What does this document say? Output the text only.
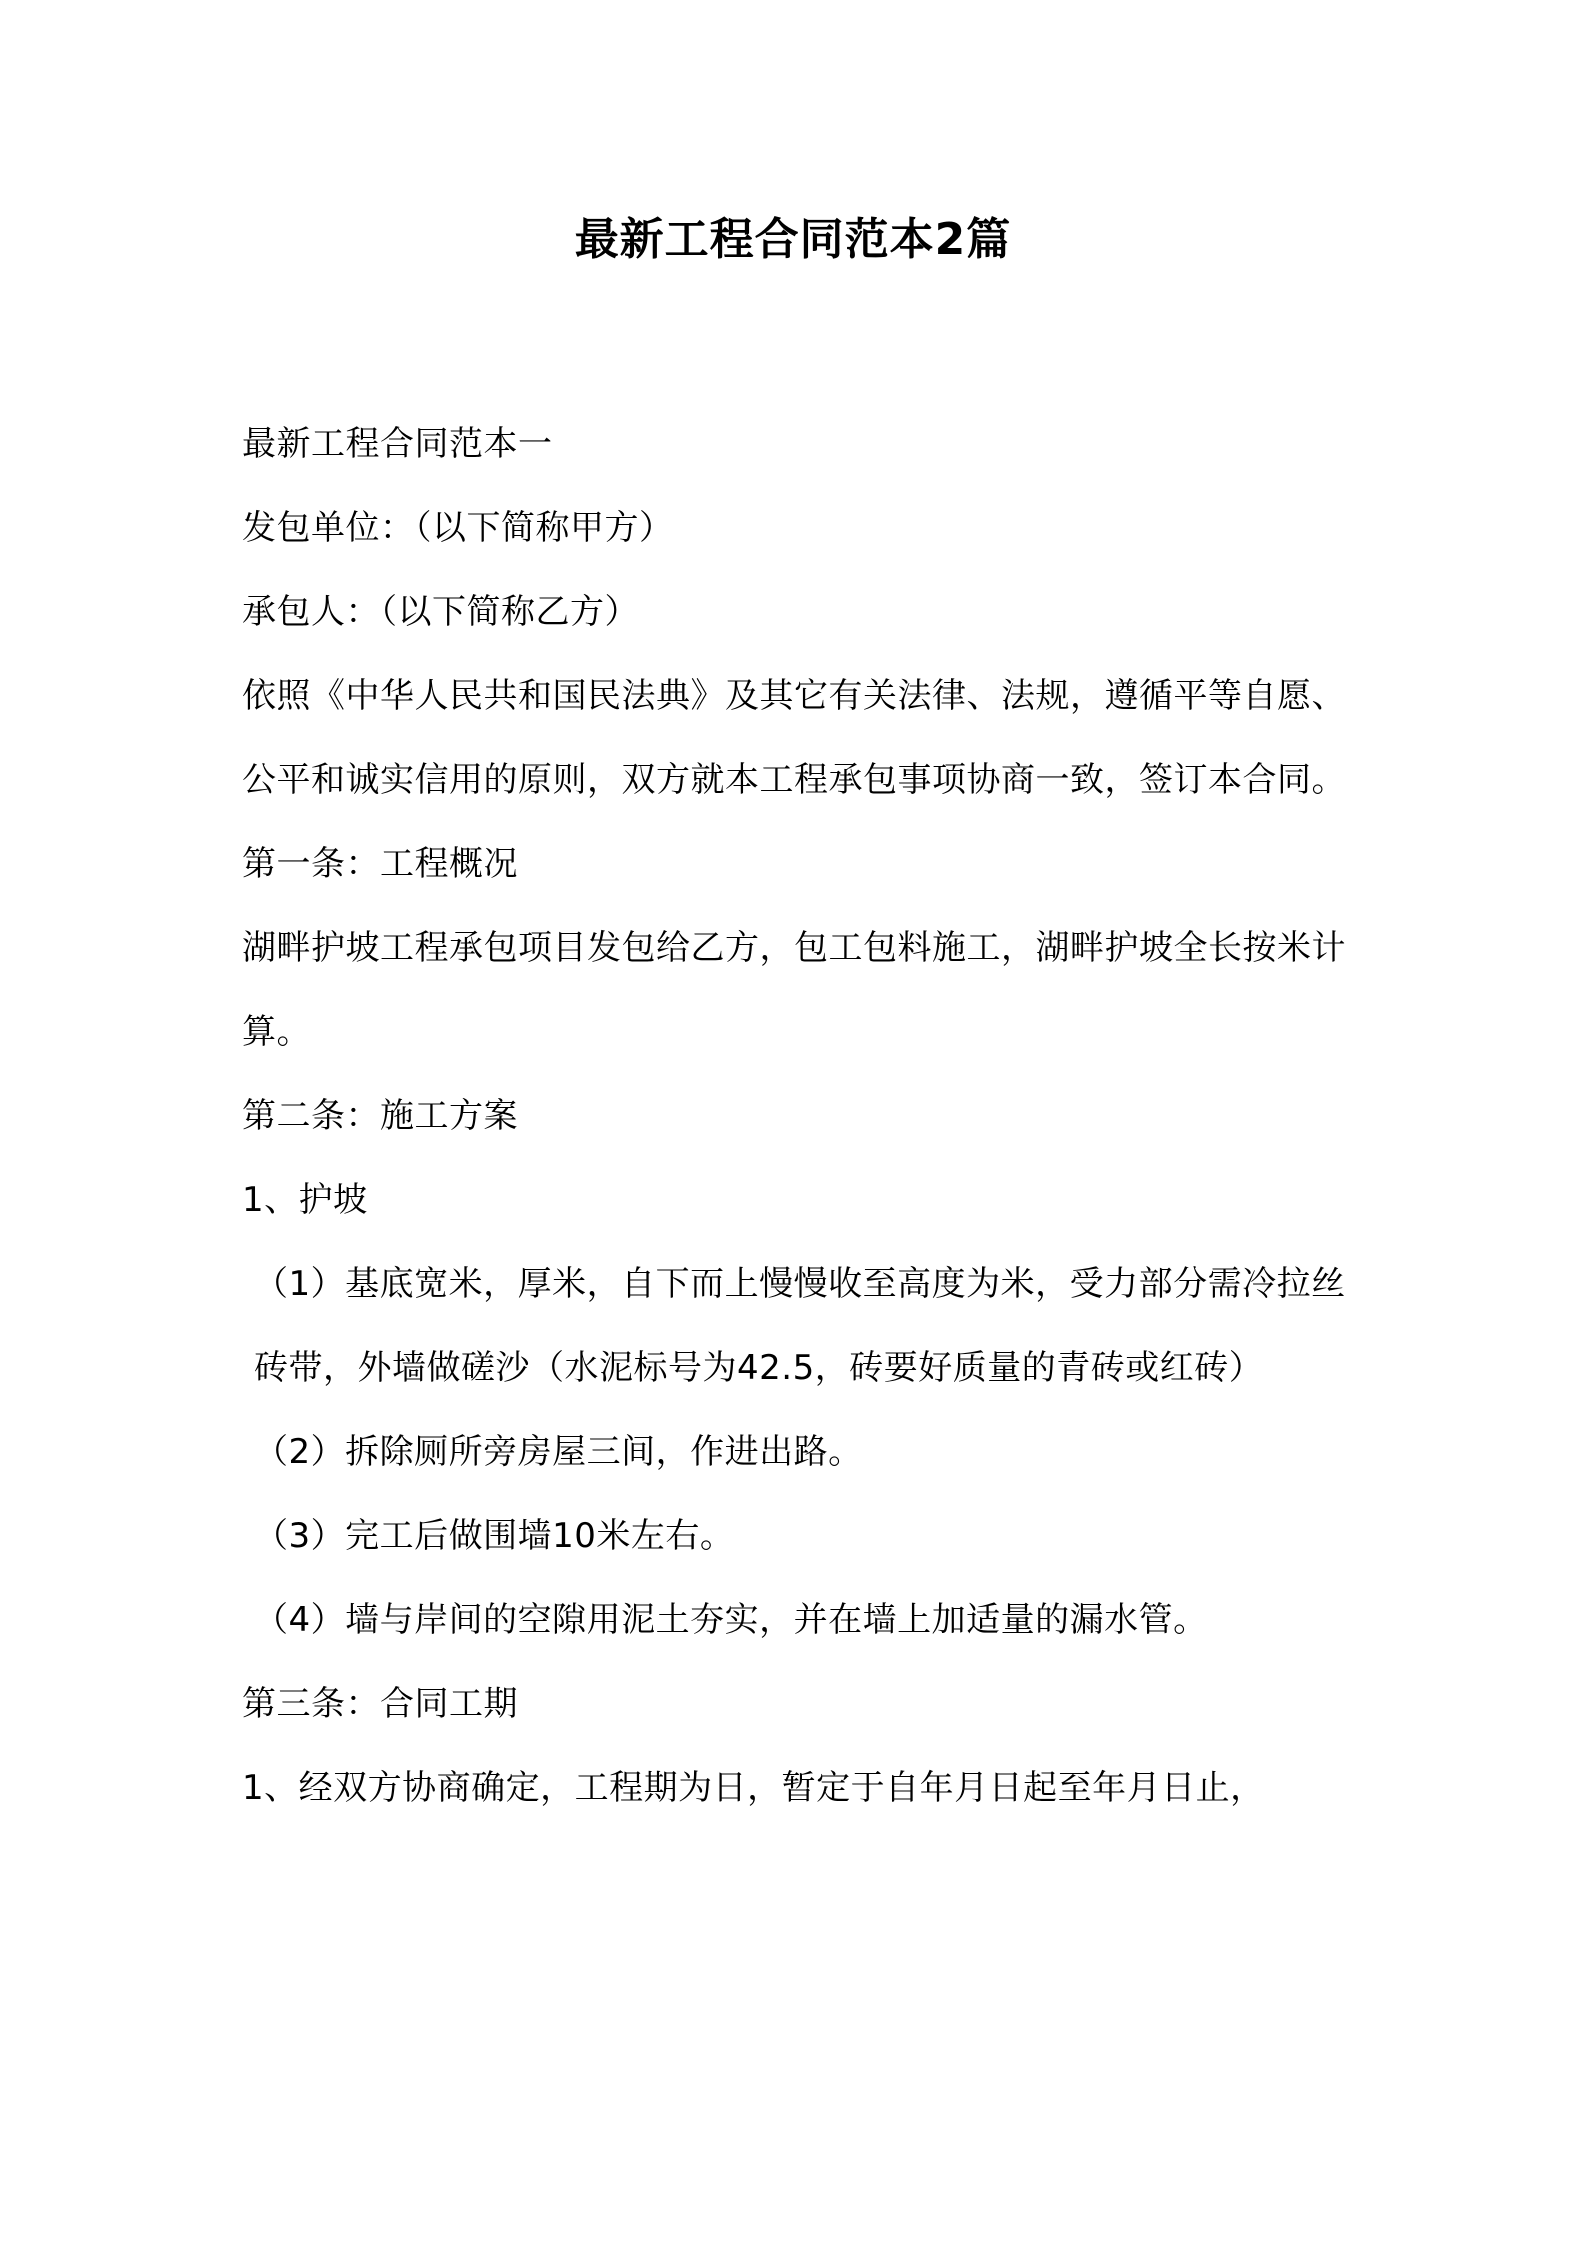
最新工程合同范本2篇

最新工程合同范本一

发包单位：（以下简称甲方）

承包人：（以下简称乙方）

依照《中华人民共和国民法典》及其它有关法律、法规，遵循平等自愿、公平和诚实信用的原则，双方就本工程承包事项协商一致，签订本合同。

第一条：工程概况

湖畔护坡工程承包项目发包给乙方，包工包料施工，湖畔护坡全长按米计算。

第二条：施工方案

1、护坡

（1）基底宽米，厚米，自下而上慢慢收至高度为米，受力部分需冷拉丝砖带，外墙做磋沙（水泥标号为42.5，砖要好质量的青砖或红砖）

（2）拆除厕所旁房屋三间，作进出路。

（3）完工后做围墙10米左右。

（4）墙与岸间的空隙用泥土夯实，并在墙上加适量的漏水管。

第三条：合同工期

1、经双方协商确定，工程期为日，暂定于自年月日起至年月日止，
